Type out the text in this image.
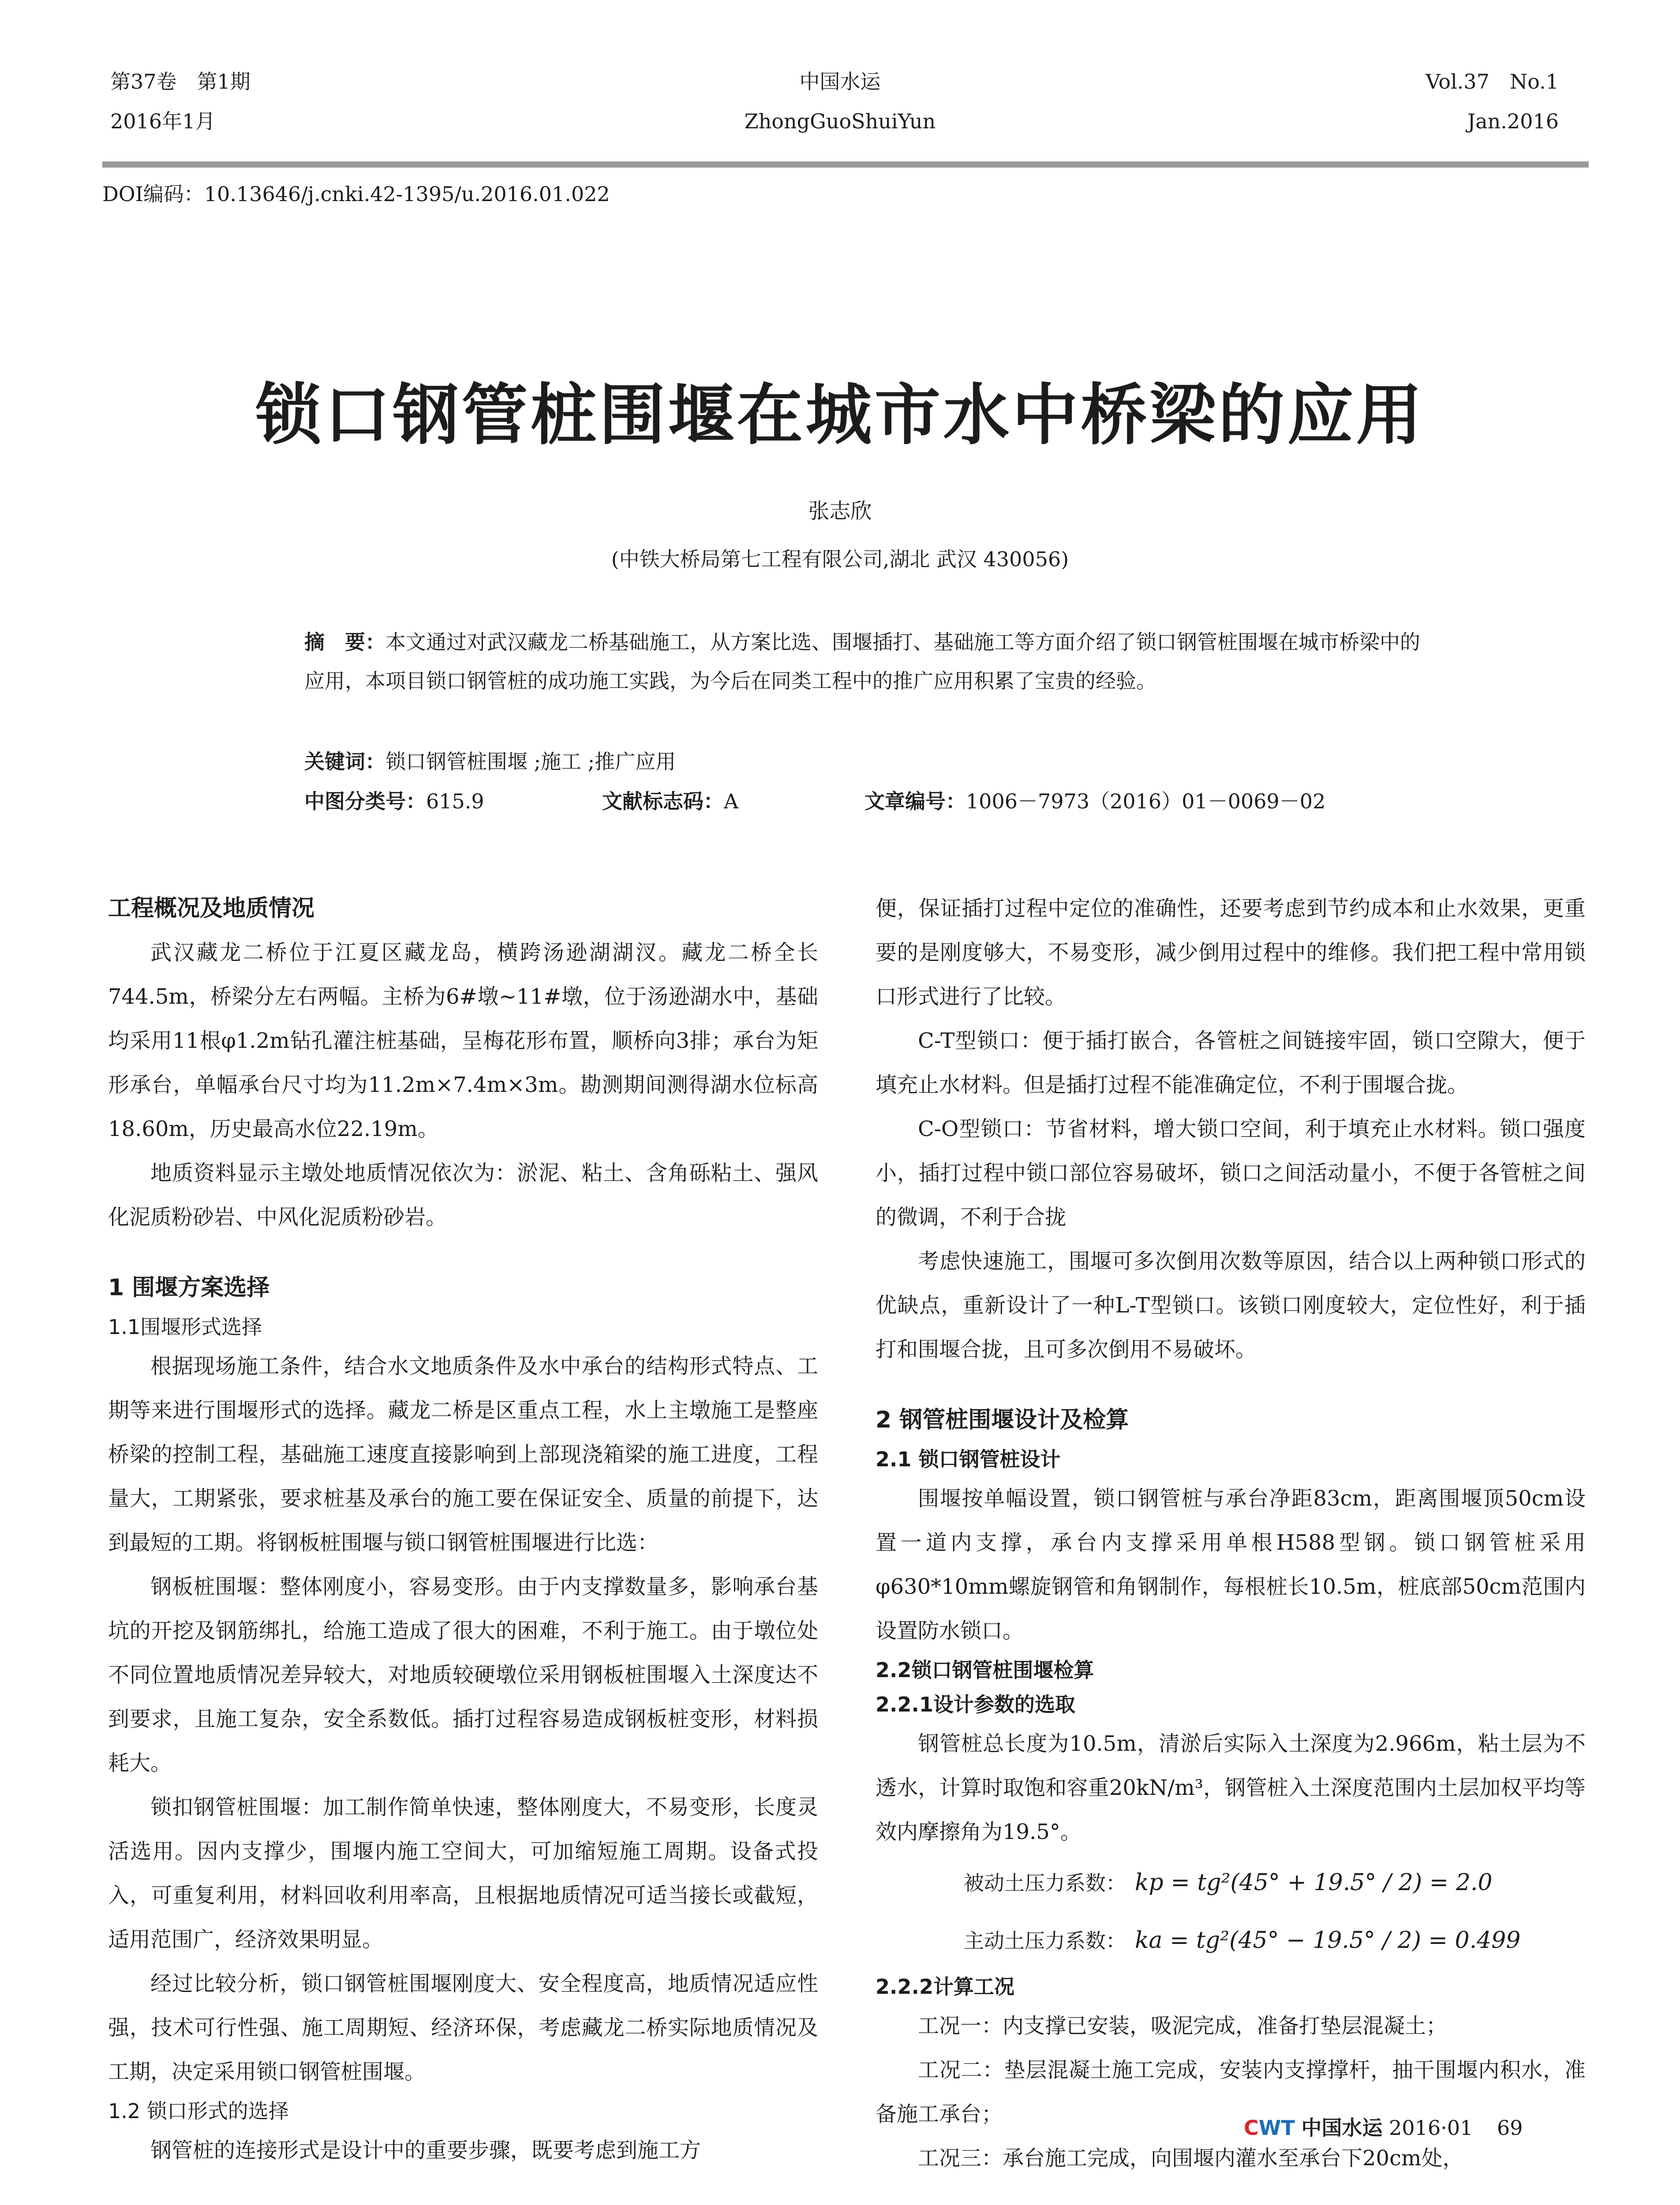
第37卷　第1期
2016年1月
中国水运
ZhongGuoShuiYun
Vol.37　No.1
Jan.2016
DOI编码：10.13646/j.cnki.42-1395/u.2016.01.022
锁口钢管桩围堰在城市水中桥梁的应用
张志欣
(中铁大桥局第七工程有限公司,湖北 武汉 430056)
摘　要：本文通过对武汉藏龙二桥基础施工，从方案比选、围堰插打、基础施工等方面介绍了锁口钢管桩围堰在城市桥梁中的应用，本项目锁口钢管桩的成功施工实践，为今后在同类工程中的推广应用积累了宝贵的经验。
关键词：锁口钢管桩围堰 ;施工 ;推广应用
中图分类号：615.9	文献标志码：A	文章编号：1006－7973（2016）01－0069－02
工程概况及地质情况

武汉藏龙二桥位于江夏区藏龙岛，横跨汤逊湖湖汊。藏龙二桥全长744.5m，桥梁分左右两幅。主桥为6#墩~11#墩，位于汤逊湖水中，基础均采用11根φ1.2m钻孔灌注桩基础，呈梅花形布置，顺桥向3排；承台为矩形承台，单幅承台尺寸均为11.2m×7.4m×3m。勘测期间测得湖水位标高18.60m，历史最高水位22.19m。

地质资料显示主墩处地质情况依次为：淤泥、粘土、含角砾粘土、强风化泥质粉砂岩、中风化泥质粉砂岩。

1 围堰方案选择
1.1围堰形式选择

根据现场施工条件，结合水文地质条件及水中承台的结构形式特点、工期等来进行围堰形式的选择。藏龙二桥是区重点工程，水上主墩施工是整座桥梁的控制工程，基础施工速度直接影响到上部现浇箱梁的施工进度，工程量大，工期紧张，要求桩基及承台的施工要在保证安全、质量的前提下，达到最短的工期。将钢板桩围堰与锁口钢管桩围堰进行比选：

钢板桩围堰：整体刚度小，容易变形。由于内支撑数量多，影响承台基坑的开挖及钢筋绑扎，给施工造成了很大的困难，不利于施工。由于墩位处不同位置地质情况差异较大，对地质较硬墩位采用钢板桩围堰入土深度达不到要求，且施工复杂，安全系数低。插打过程容易造成钢板桩变形，材料损耗大。

锁扣钢管桩围堰：加工制作简单快速，整体刚度大，不易变形，长度灵活选用。因内支撑少，围堰内施工空间大，可加缩短施工周期。设备式投入，可重复利用，材料回收利用率高，且根据地质情况可适当接长或截短，适用范围广，经济效果明显。

经过比较分析，锁口钢管桩围堰刚度大、安全程度高，地质情况适应性强，技术可行性强、施工周期短、经济环保，考虑藏龙二桥实际地质情况及工期，决定采用锁口钢管桩围堰。

1.2 锁口形式的选择

钢管桩的连接形式是设计中的重要步骤，既要考虑到施工方

便，保证插打过程中定位的准确性，还要考虑到节约成本和止水效果，更重要的是刚度够大，不易变形，减少倒用过程中的维修。我们把工程中常用锁口形式进行了比较。

C-T型锁口：便于插打嵌合，各管桩之间链接牢固，锁口空隙大，便于填充止水材料。但是插打过程不能准确定位，不利于围堰合拢。

C-O型锁口：节省材料，增大锁口空间，利于填充止水材料。锁口强度小，插打过程中锁口部位容易破坏，锁口之间活动量小，不便于各管桩之间的微调，不利于合拢

考虑快速施工，围堰可多次倒用次数等原因，结合以上两种锁口形式的优缺点，重新设计了一种L-T型锁口。该锁口刚度较大，定位性好，利于插打和围堰合拢，且可多次倒用不易破坏。

2 钢管桩围堰设计及检算
2.1 锁口钢管桩设计

围堰按单幅设置，锁口钢管桩与承台净距83cm，距离围堰顶50cm设置一道内支撑，承台内支撑采用单根H588型钢。锁口钢管桩采用φ630*10mm螺旋钢管和角钢制作，每根桩长10.5m，桩底部50cm范围内设置防水锁口。

2.2锁口钢管桩围堰检算
2.2.1设计参数的选取

钢管桩总长度为10.5m，清淤后实际入土深度为2.966m，粘土层为不透水，计算时取饱和容重20kN/m³，钢管桩入土深度范围内土层加权平均等效内摩擦角为19.5°。

被动土压力系数： kp = tg²(45° + 19.5° / 2) = 2.0

主动土压力系数： ka = tg²(45° − 19.5° / 2) = 0.499

2.2.2计算工况

工况一：内支撑已安装，吸泥完成，准备打垫层混凝土；

工况二：垫层混凝土施工完成，安装内支撑撑杆，抽干围堰内积水，准备施工承台；

工况三：承台施工完成，向围堰内灌水至承台下20cm处，

CWT 中国水运 2016·01 69
